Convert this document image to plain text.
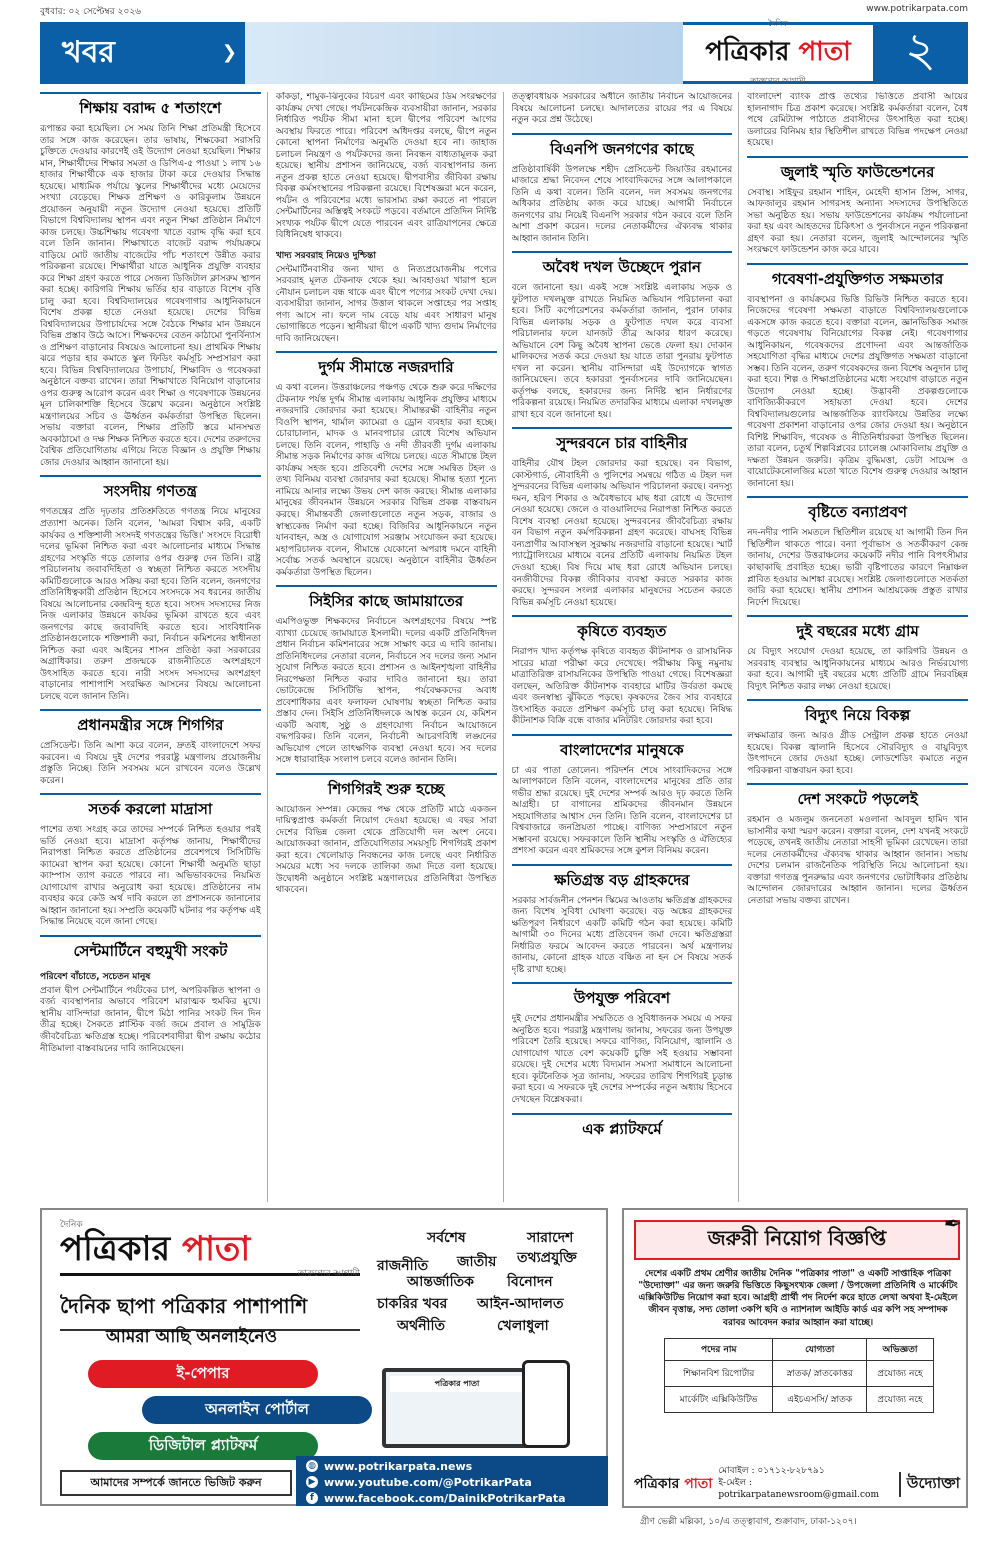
বুধবার: ০২ সেপ্টেম্বর ২০২৬	www.potrikarpata.com
খবর	❯
দৈনিক
পত্রিকার পাতা
তারুণ্যের আগামী
২
শিক্ষায় বরাদ্দ ৫ শতাংশে

রূপান্তর করা হয়েছিল। সে সময় তিনি শিক্ষা প্রতিমন্ত্রী হিসেবে তার সঙ্গে কাজ করেছেন। তার ভাষায়, শিক্ষকেরা সরাসরি চুক্তিতে দেওয়ার কারণেই ওই উদ্যোগ নেওয়া হয়েছিল। শিক্ষার মান, শিক্ষার্থীদের শিক্ষার সমতা ও ডিপিএ-৫ পাওয়া ১ লাখ ১৬ হাজার শিক্ষার্থীকে এক হাজার টাকা করে দেওয়ার সিদ্ধান্ত হয়েছে। মাধ্যমিক পর্যায়ে স্কুলের শিক্ষার্থীদের মধ্যে মেয়েদের সংখ্যা বেড়েছে। শিক্ষক প্রশিক্ষণ ও কারিকুলাম উন্নয়নে প্রয়োজন অনুযায়ী নতুন উদ্যোগ নেওয়া হয়েছে। প্রতিটি বিভাগে বিশ্ববিদ্যালয় স্থাপন এবং নতুন শিক্ষা প্রতিষ্ঠান নির্মাণে কাজ চলছে। উচ্চশিক্ষায় গবেষণা খাতে বরাদ্দ বৃদ্ধি করা হবে বলে তিনি জানান। শিক্ষাখাতে বাজেট বরাদ্দ পর্যায়ক্রমে বাড়িয়ে মোট জাতীয় বাজেটের পাঁচ শতাংশে উন্নীত করার পরিকল্পনা রয়েছে। শিক্ষার্থীরা যাতে আধুনিক প্রযুক্তি ব্যবহার করে শিক্ষা গ্রহণ করতে পারে সেজন্য ডিজিটাল ক্লাসরুম স্থাপন করা হচ্ছে। কারিগরি শিক্ষায় ভর্তির হার বাড়াতে বিশেষ বৃত্তি চালু করা হবে। বিশ্ববিদ্যালয়ের গবেষণাগার আধুনিকায়নে বিশেষ প্রকল্প হাতে নেওয়া হয়েছে। দেশের বিভিন্ন বিশ্ববিদ্যালয়ের উপাচার্যদের সঙ্গে বৈঠকে শিক্ষার মান উন্নয়নে বিভিন্ন প্রস্তাব উঠে আসে। শিক্ষকদের বেতন কাঠামো পুনর্বিন্যাস ও প্রশিক্ষণ বাড়ানোর বিষয়েও আলোচনা হয়। প্রাথমিক শিক্ষায় ঝরে পড়ার হার কমাতে স্কুল ফিডিং কর্মসূচি সম্প্রসারণ করা হবে। বিভিন্ন বিশ্ববিদ্যালয়ের উপাচার্য, শিক্ষাবিদ ও গবেষকরা অনুষ্ঠানে বক্তব্য রাখেন। তারা শিক্ষাখাতে বিনিয়োগ বাড়ানোর ওপর গুরুত্ব আরোপ করেন এবং শিক্ষা ও গবেষণাকে উন্নয়নের মূল চালিকাশক্তি হিসেবে উল্লেখ করেন। অনুষ্ঠানে সংশ্লিষ্ট মন্ত্রণালয়ের সচিব ও ঊর্ধ্বতন কর্মকর্তারা উপস্থিত ছিলেন। সভায় বক্তারা বলেন, শিক্ষার প্রতিটি স্তরে মানসম্মত অবকাঠামো ও দক্ষ শিক্ষক নিশ্চিত করতে হবে। দেশের তরুণদের বৈশ্বিক প্রতিযোগিতায় এগিয়ে নিতে বিজ্ঞান ও প্রযুক্তি শিক্ষায় জোর দেওয়ার আহ্বান জানানো হয়।

সংসদীয় গণতন্ত্র

গণতন্ত্রের প্রতি দৃঢ়তার প্রতিশ্রুতিতে গণতন্ত্র নিয়ে মানুষের প্রত্যাশা অনেক। তিনি বলেন, 'আমরা বিশ্বাস করি, একটি কার্যকর ও শক্তিশালী সংসদই গণতন্ত্রের ভিত্তি।' সংসদে বিরোধী দলের ভূমিকা নিশ্চিত করা এবং আলোচনার মাধ্যমে সিদ্ধান্ত গ্রহণের সংস্কৃতি গড়ে তোলার ওপর গুরুত্ব দেন তিনি। রাষ্ট্র পরিচালনায় জবাবদিহিতা ও স্বচ্ছতা নিশ্চিত করতে সংসদীয় কমিটিগুলোকে আরও সক্রিয় করা হবে। তিনি বলেন, জনগণের প্রতিনিধিত্বকারী প্রতিষ্ঠান হিসেবে সংসদকে সব ধরনের জাতীয় বিষয়ে আলোচনার কেন্দ্রবিন্দু হতে হবে। সংসদ সদস্যদের নিজ নিজ এলাকার উন্নয়নে কার্যকর ভূমিকা রাখতে হবে এবং জনগণের কাছে জবাবদিহি করতে হবে। সাংবিধানিক প্রতিষ্ঠানগুলোকে শক্তিশালী করা, নির্বাচন কমিশনের স্বাধীনতা নিশ্চিত করা এবং আইনের শাসন প্রতিষ্ঠা করা সরকারের অগ্রাধিকার। তরুণ প্রজন্মকে রাজনীতিতে অংশগ্রহণে উৎসাহিত করতে হবে। নারী সংসদ সদস্যদের অংশগ্রহণ বাড়ানোর পাশাপাশি সংরক্ষিত আসনের বিষয়ে আলোচনা চলছে বলে জানান তিনি।

প্রধানমন্ত্রীর সঙ্গে শিগগির

প্রেসিডেন্ট। তিনি আশা করে বলেন, দ্রুতই বাংলাদেশে সফর করবেন। এ বিষয়ে দুই দেশের পররাষ্ট্র মন্ত্রণালয় প্রয়োজনীয় প্রস্তুতি নিচ্ছে। তিনি সবসময় মনে রাখবেন বলেও উল্লেখ করেন।

সতর্ক করলো মাদ্রাসা

পাশের তথ্য সংগ্রহ করে তাদের সম্পর্কে নিশ্চিত হওয়ার পরই ভর্তি নেওয়া হবে। মাদ্রাসা কর্তৃপক্ষ জানায়, শিক্ষার্থীদের নিরাপত্তা নিশ্চিত করতে প্রতিষ্ঠানের প্রবেশপথে সিসিটিভি ক্যামেরা স্থাপন করা হয়েছে। কোনো শিক্ষার্থী অনুমতি ছাড়া ক্যাম্পাস ত্যাগ করতে পারবে না। অভিভাবকদের নিয়মিত যোগাযোগ রাখার অনুরোধ করা হয়েছে। প্রতিষ্ঠানের নাম ব্যবহার করে কেউ অর্থ দাবি করলে তা প্রশাসনকে জানানোর আহ্বান জানানো হয়। সম্প্রতি কয়েকটি ঘটনার পর কর্তৃপক্ষ এই সিদ্ধান্ত নিয়েছে বলে জানা গেছে।

সেন্টমার্টিনে বহুমুখী সংকট
পরিবেশ বাঁচাতে, সচেতন মানুষ

প্রবাল দ্বীপ সেন্টমার্টিনে পর্যটকের চাপ, অপরিকল্পিত স্থাপনা ও বর্জ্য ব্যবস্থাপনার অভাবে পরিবেশ মারাত্মক হুমকির মুখে। স্থানীয় বাসিন্দারা জানান, দ্বীপে মিঠা পানির সংকট দিন দিন তীব্র হচ্ছে। সৈকতে প্লাস্টিক বর্জ্য জমে প্রবাল ও সামুদ্রিক জীববৈচিত্র্য ক্ষতিগ্রস্ত হচ্ছে। পরিবেশবাদীরা দ্বীপ রক্ষায় কঠোর নীতিমালা বাস্তবায়নের দাবি জানিয়েছেন।

কাঁকড়া, শামুক-ঝিনুকের বিচরণ এবং কাছিমের ডিম সংরক্ষণের কার্যক্রম দেখা গেছে। পর্যটনকেন্দ্রিক ব্যবসায়ীরা জানান, সরকার নির্ধারিত পর্যটক সীমা মানা হলে দ্বীপের পরিবেশ আগের অবস্থায় ফিরতে পারে। পরিবেশ অধিদপ্তর বলছে, দ্বীপে নতুন কোনো স্থাপনা নির্মাণের অনুমতি দেওয়া হবে না। জাহাজ চলাচল নিয়ন্ত্রণ ও পর্যটকদের জন্য নিবন্ধন বাধ্যতামূলক করা হয়েছে। স্থানীয় প্রশাসন জানিয়েছে, বর্জ্য ব্যবস্থাপনার জন্য নতুন প্রকল্প হাতে নেওয়া হয়েছে। দ্বীপবাসীর জীবিকা রক্ষায় বিকল্প কর্মসংস্থানের পরিকল্পনা রয়েছে। বিশেষজ্ঞরা মনে করেন, পর্যটন ও পরিবেশের মধ্যে ভারসাম্য রক্ষা করতে না পারলে সেন্টমার্টিনের অস্তিত্বই সংকটে পড়বে। বর্তমানে প্রতিদিন নির্দিষ্ট সংখ্যক পর্যটক দ্বীপে যেতে পারবেন এবং রাত্রিযাপনের ক্ষেত্রে বিধিনিষেধ থাকবে।

খাদ্য সরবরাহ নিয়েও দুশ্চিন্তা

সেন্টমার্টিনবাসীর জন্য খাদ্য ও নিত্যপ্রয়োজনীয় পণ্যের সরবরাহ মূলত টেকনাফ থেকে হয়। আবহাওয়া খারাপ হলে নৌযান চলাচল বন্ধ থাকে এবং দ্বীপে পণ্যের সংকট দেখা দেয়। ব্যবসায়ীরা জানান, সাগর উত্তাল থাকলে সপ্তাহের পর সপ্তাহ পণ্য আসে না। ফলে দাম বেড়ে যায় এবং সাধারণ মানুষ ভোগান্তিতে পড়েন। স্থানীয়রা দ্বীপে একটি খাদ্য গুদাম নির্মাণের দাবি জানিয়েছেন।

দুর্গম সীমান্তে নজরদারি

এ কথা বলেন। উত্তরাঞ্চলের পঞ্চগড় থেকে শুরু করে দক্ষিণের টেকনাফ পর্যন্ত দুর্গম সীমান্ত এলাকায় আধুনিক প্রযুক্তির মাধ্যমে নজরদারি জোরদার করা হয়েছে। সীমান্তরক্ষী বাহিনীর নতুন বিওপি স্থাপন, থার্মাল ক্যামেরা ও ড্রোন ব্যবহার করা হচ্ছে। চোরাচালান, মাদক ও মানবপাচার রোধে বিশেষ অভিযান চলছে। তিনি বলেন, পাহাড়ি ও নদী তীরবর্তী দুর্গম এলাকায় সীমান্ত সড়ক নির্মাণের কাজ এগিয়ে চলছে। এতে সীমান্তে টহল কার্যক্রম সহজ হবে। প্রতিবেশী দেশের সঙ্গে সমন্বিত টহল ও তথ্য বিনিময় ব্যবস্থা জোরদার করা হয়েছে। সীমান্ত হত্যা শূন্যে নামিয়ে আনার লক্ষ্যে উভয় দেশ কাজ করছে। সীমান্ত এলাকার মানুষের জীবনমান উন্নয়নে সরকার বিভিন্ন প্রকল্প বাস্তবায়ন করছে। সীমান্তবর্তী জেলাগুলোতে নতুন সড়ক, বাজার ও স্বাস্থ্যকেন্দ্র নির্মাণ করা হচ্ছে। বিজিবির আধুনিকায়নে নতুন যানবাহন, অস্ত্র ও যোগাযোগ সরঞ্জাম সংযোজন করা হয়েছে। মহাপরিচালক বলেন, সীমান্তে যেকোনো অপরাধ দমনে বাহিনী সর্বোচ্চ সতর্ক অবস্থানে রয়েছে। অনুষ্ঠানে বাহিনীর ঊর্ধ্বতন কর্মকর্তারা উপস্থিত ছিলেন।

সিইসির কাছে জামায়াতের

এমপিওভুক্ত শিক্ষকদের নির্বাচনে অংশগ্রহণের বিষয়ে স্পষ্ট ব্যাখ্যা চেয়েছে জামায়াতে ইসলামী। দলের একটি প্রতিনিধিদল প্রধান নির্বাচন কমিশনারের সঙ্গে সাক্ষাৎ করে এ দাবি জানায়। প্রতিনিধিদলের নেতারা বলেন, নির্বাচনে সব দলের জন্য সমান সুযোগ নিশ্চিত করতে হবে। প্রশাসন ও আইনশৃঙ্খলা বাহিনীর নিরপেক্ষতা নিশ্চিত করার দাবিও জানানো হয়। তারা ভোটকেন্দ্রে সিসিটিভি স্থাপন, পর্যবেক্ষকদের অবাধ প্রবেশাধিকার এবং ফলাফল ঘোষণায় স্বচ্ছতা নিশ্চিত করার প্রস্তাব দেন। সিইসি প্রতিনিধিদলকে আশ্বস্ত করেন যে, কমিশন একটি অবাধ, সুষ্ঠু ও গ্রহণযোগ্য নির্বাচন আয়োজনে বদ্ধপরিকর। তিনি বলেন, নির্বাচনী আচরণবিধি লঙ্ঘনের অভিযোগ পেলে তাৎক্ষণিক ব্যবস্থা নেওয়া হবে। সব দলের সঙ্গে ধারাবাহিক সংলাপ চলবে বলেও জানান তিনি।

শিগগিরই শুরু হচ্ছে

আয়োজন সম্পন্ন। কেন্দ্রের পক্ষ থেকে প্রতিটি মাঠে একজন দায়িত্বপ্রাপ্ত কর্মকর্তা নিয়োগ দেওয়া হয়েছে। এ বছর সারা দেশের বিভিন্ন জেলা থেকে প্রতিযোগী দল অংশ নেবে। আয়োজকরা জানান, প্রতিযোগিতার সময়সূচি শিগগিরই প্রকাশ করা হবে। খেলোয়াড় নিবন্ধনের কাজ চলছে এবং নির্ধারিত সময়ের মধ্যে সব দলকে তালিকা জমা দিতে বলা হয়েছে। উদ্বোধনী অনুষ্ঠানে সংশ্লিষ্ট মন্ত্রণালয়ের প্রতিনিধিরা উপস্থিত থাকবেন।

তত্ত্বাবধায়ক সরকারের অধীনে জাতীয় নির্বাচন আয়োজনের বিষয়ে আলোচনা চলছে। আদালতের রায়ের পর এ বিষয়ে নতুন করে প্রশ্ন উঠেছে।

বিএনপি জনগণের কাছে

প্রতিষ্ঠাবার্ষিকী উপলক্ষে শহীদ প্রেসিডেন্ট জিয়াউর রহমানের মাজারে শ্রদ্ধা নিবেদন শেষে সাংবাদিকদের সঙ্গে আলাপকালে তিনি এ কথা বলেন। তিনি বলেন, দল সবসময় জনগণের অধিকার প্রতিষ্ঠায় কাজ করে যাচ্ছে। আগামী নির্বাচনে জনগণের রায় নিয়েই বিএনপি সরকার গঠন করবে বলে তিনি আশা প্রকাশ করেন। দলের নেতাকর্মীদের ঐক্যবদ্ধ থাকার আহ্বান জানান তিনি।

অবৈধ দখল উচ্ছেদে পুরান

বলে জানানো হয়। একই সঙ্গে সংশ্লিষ্ট এলাকায় সড়ক ও ফুটপাত দখলমুক্ত রাখতে নিয়মিত অভিযান পরিচালনা করা হবে। সিটি কর্পোরেশনের কর্মকর্তারা জানান, পুরান ঢাকার বিভিন্ন এলাকায় সড়ক ও ফুটপাত দখল করে ব্যবসা পরিচালনার ফলে যানজট তীব্র আকার ধারণ করেছে। অভিযানে বেশ কিছু অবৈধ স্থাপনা ভেঙে ফেলা হয়। দোকান মালিকদের সতর্ক করে দেওয়া হয় যাতে তারা পুনরায় ফুটপাত দখল না করেন। স্থানীয় বাসিন্দারা এই উদ্যোগকে স্বাগত জানিয়েছেন। তবে হকাররা পুনর্বাসনের দাবি জানিয়েছেন। কর্তৃপক্ষ বলছে, হকারদের জন্য নির্দিষ্ট স্থান নির্ধারণের পরিকল্পনা রয়েছে। নিয়মিত তদারকির মাধ্যমে এলাকা দখলমুক্ত রাখা হবে বলে জানানো হয়।

সুন্দরবনে চার বাহিনীর

বাহিনীর যৌথ টহল জোরদার করা হয়েছে। বন বিভাগ, কোস্টগার্ড, নৌবাহিনী ও পুলিশের সমন্বয়ে গঠিত এ টহল দল সুন্দরবনের বিভিন্ন এলাকায় অভিযান পরিচালনা করছে। বনদস্যু দমন, হরিণ শিকার ও অবৈধভাবে মাছ ধরা রোধে এ উদ্যোগ নেওয়া হয়েছে। জেলে ও বাওয়ালিদের নিরাপত্তা নিশ্চিত করতে বিশেষ ব্যবস্থা নেওয়া হয়েছে। সুন্দরবনের জীববৈচিত্র্য রক্ষায় বন বিভাগ নতুন কর্মপরিকল্পনা গ্রহণ করেছে। বাঘসহ বিভিন্ন বন্যপ্রাণীর আবাসস্থল সুরক্ষায় নজরদারি বাড়ানো হয়েছে। স্মার্ট প্যাট্রোলিংয়ের মাধ্যমে বনের প্রতিটি এলাকায় নিয়মিত টহল দেওয়া হচ্ছে। বিষ দিয়ে মাছ ধরা রোধে অভিযান চলছে। বনজীবীদের বিকল্প জীবিকার ব্যবস্থা করতে সরকার কাজ করছে। সুন্দরবন সংলগ্ন এলাকার মানুষদের সচেতন করতে বিভিন্ন কর্মসূচি নেওয়া হয়েছে।

কৃষিতে ব্যবহৃত

নিরাপদ খাদ্য কর্তৃপক্ষ কৃষিতে ব্যবহৃত কীটনাশক ও রাসায়নিক সারের মাত্রা পরীক্ষা করে দেখেছে। পরীক্ষায় কিছু নমুনায় মাত্রাতিরিক্ত রাসায়নিকের উপস্থিতি পাওয়া গেছে। বিশেষজ্ঞরা বলছেন, অতিরিক্ত কীটনাশক ব্যবহারে মাটির উর্বরতা কমছে এবং জনস্বাস্থ্য ঝুঁকিতে পড়ছে। কৃষকদের জৈব সার ব্যবহারে উৎসাহিত করতে প্রশিক্ষণ কর্মসূচি চালু করা হয়েছে। নিষিদ্ধ কীটনাশক বিক্রি বন্ধে বাজার মনিটরিং জোরদার করা হবে।

বাংলাদেশের মানুষকে

চা এর পাতা তোলেন। পরিদর্শন শেষে সাংবাদিকদের সঙ্গে আলাপকালে তিনি বলেন, বাংলাদেশের মানুষের প্রতি তার গভীর শ্রদ্ধা রয়েছে। দুই দেশের সম্পর্ক আরও দৃঢ় করতে তিনি আগ্রহী। চা বাগানের শ্রমিকদের জীবনমান উন্নয়নে সহযোগিতার আশ্বাস দেন তিনি। তিনি বলেন, বাংলাদেশের চা বিশ্ববাজারে জনপ্রিয়তা পাচ্ছে। বাণিজ্য সম্প্রসারণে নতুন সম্ভাবনা রয়েছে। সফরকালে তিনি স্থানীয় সংস্কৃতি ও ঐতিহ্যের প্রশংসা করেন এবং শ্রমিকদের সঙ্গে কুশল বিনিময় করেন।

ক্ষতিগ্রস্ত বড় গ্রাহকদের

সরকার সার্বজনীন পেনশন স্কিমের আওতায় ক্ষতিগ্রস্ত গ্রাহকদের জন্য বিশেষ সুবিধা ঘোষণা করেছে। বড় অঙ্কের গ্রাহকদের ক্ষতিপূরণ নির্ধারণে একটি কমিটি গঠন করা হয়েছে। কমিটি আগামী ৩০ দিনের মধ্যে প্রতিবেদন জমা দেবে। ক্ষতিগ্রস্তরা নির্ধারিত ফরমে আবেদন করতে পারবেন। অর্থ মন্ত্রণালয় জানায়, কোনো গ্রাহক যাতে বঞ্চিত না হন সে বিষয়ে সতর্ক দৃষ্টি রাখা হচ্ছে।

উপযুক্ত পরিবেশ

দুই দেশের প্রধানমন্ত্রীর সম্মতিতে ও সুবিধাজনক সময়ে এ সফর অনুষ্ঠিত হবে। পররাষ্ট্র মন্ত্রণালয় জানায়, সফরের জন্য উপযুক্ত পরিবেশ তৈরি হয়েছে। সফরে বাণিজ্য, বিনিয়োগ, জ্বালানি ও যোগাযোগ খাতে বেশ কয়েকটি চুক্তি সই হওয়ার সম্ভাবনা রয়েছে। দুই দেশের মধ্যে বিদ্যমান সমস্যা সমাধানে আলোচনা হবে। কূটনৈতিক সূত্র জানায়, সফরের তারিখ শিগগিরই চূড়ান্ত করা হবে। এ সফরকে দুই দেশের সম্পর্কের নতুন অধ্যায় হিসেবে দেখছেন বিশ্লেষকরা।

এক প্ল্যাটফর্মে

বাংলাদেশ ব্যাংক প্রাপ্ত তথ্যের ভিত্তিতে প্রবাসী আয়ের হালনাগাদ চিত্র প্রকাশ করেছে। সংশ্লিষ্ট কর্মকর্তারা বলেন, বৈধ পথে রেমিট্যান্স পাঠাতে প্রবাসীদের উৎসাহিত করা হচ্ছে। ডলারের বিনিময় হার স্থিতিশীল রাখতে বিভিন্ন পদক্ষেপ নেওয়া হয়েছে।

জুলাই স্মৃতি ফাউন্ডেশনের

সেবাস্থ। সাইফুর রহমান শাহিন, মেহেদী হাসান প্রিন্স, সাগর, আফজালুর রহমান সাগরসহ অন্যান্য সদস্যদের উপস্থিতিতে সভা অনুষ্ঠিত হয়। সভায় ফাউন্ডেশনের কার্যক্রম পর্যালোচনা করা হয় এবং আহতদের চিকিৎসা ও পুনর্বাসনে নতুন পরিকল্পনা গ্রহণ করা হয়। নেতারা বলেন, জুলাই আন্দোলনের স্মৃতি সংরক্ষণে ফাউন্ডেশন কাজ করে যাবে।

গবেষণা-প্রযুক্তিগত সক্ষমতার

ব্যবস্থাপনা ও কার্যক্রমের ভিত্তি রিভিউ নিশ্চিত করতে হবে। নিজেদের গবেষণা সক্ষমতা বাড়াতে বিশ্ববিদ্যালয়গুলোকে একসঙ্গে কাজ করতে হবে। বক্তারা বলেন, জ্ঞানভিত্তিক সমাজ গড়তে গবেষণায় বিনিয়োগের বিকল্প নেই। গবেষণাগার আধুনিকায়ন, গবেষকদের প্রণোদনা এবং আন্তর্জাতিক সহযোগিতা বৃদ্ধির মাধ্যমে দেশের প্রযুক্তিগত সক্ষমতা বাড়ানো সম্ভব। তিনি বলেন, তরুণ গবেষকদের জন্য বিশেষ অনুদান চালু করা হবে। শিল্প ও শিক্ষাপ্রতিষ্ঠানের মধ্যে সংযোগ বাড়াতে নতুন উদ্যোগ নেওয়া হচ্ছে। উদ্ভাবনী প্রকল্পগুলোকে বাণিজ্যিকীকরণে সহায়তা দেওয়া হবে। দেশের বিশ্ববিদ্যালয়গুলোর আন্তর্জাতিক র‍্যাংকিংয়ে উন্নতির লক্ষ্যে গবেষণা প্রকাশনা বাড়ানোর ওপর জোর দেওয়া হয়। অনুষ্ঠানে বিশিষ্ট শিক্ষাবিদ, গবেষক ও নীতিনির্ধারকরা উপস্থিত ছিলেন। তারা বলেন, চতুর্থ শিল্পবিপ্লবের চ্যালেঞ্জ মোকাবিলায় প্রযুক্তি ও দক্ষতা উন্নয়ন জরুরি। কৃত্রিম বুদ্ধিমত্তা, ডেটা সায়েন্স ও বায়োটেকনোলজির মতো খাতে বিশেষ গুরুত্ব দেওয়ার আহ্বান জানানো হয়।

বৃষ্টিতে বন্যাপ্রবণ

নদ-নদীর পানি সমতলে স্থিতিশীল রয়েছে যা আগামী তিন দিন স্থিতিশীল থাকতে পারে। বন্যা পূর্বাভাস ও সতর্কীকরণ কেন্দ্র জানায়, দেশের উত্তরাঞ্চলের কয়েকটি নদীর পানি বিপৎসীমার কাছাকাছি প্রবাহিত হচ্ছে। ভারী বৃষ্টিপাতের কারণে নিম্নাঞ্চল প্লাবিত হওয়ার আশঙ্কা রয়েছে। সংশ্লিষ্ট জেলাগুলোতে সতর্কতা জারি করা হয়েছে। স্থানীয় প্রশাসন আশ্রয়কেন্দ্র প্রস্তুত রাখার নির্দেশ দিয়েছে।

দুই বছরের মধ্যে গ্রাম

যে বিদ্যুৎ সংযোগ দেওয়া হয়েছে, তা কারিগরি উন্নয়ন ও সরবরাহ ব্যবস্থার আধুনিকায়নের মাধ্যমে আরও নির্ভরযোগ্য করা হবে। আগামী দুই বছরের মধ্যে প্রতিটি গ্রামে নিরবচ্ছিন্ন বিদ্যুৎ নিশ্চিত করার লক্ষ্য নেওয়া হয়েছে।

বিদ্যুৎ নিয়ে বিকল্প

লক্ষমাত্রার জন্য আরও গ্রীড সেন্ট্রাল প্রকল্প হাতে নেওয়া হয়েছে। বিকল্প জ্বালানি হিসেবে সৌরবিদ্যুৎ ও বায়ুবিদ্যুৎ উৎপাদনে জোর দেওয়া হচ্ছে। লোডশেডিং কমাতে নতুন পরিকল্পনা বাস্তবায়ন করা হবে।

দেশ সংকটে পড়লেই

রহমান ও মজলুম জননেতা মওলানা আবদুল হামিদ খান ভাসানীর কথা স্মরণ করেন। বক্তারা বলেন, দেশ যখনই সংকটে পড়েছে, তখনই জাতীয় নেতারা সাহসী ভূমিকা রেখেছেন। তারা দলের নেতাকর্মীদের ঐক্যবদ্ধ থাকার আহ্বান জানান। সভায় দেশের চলমান রাজনৈতিক পরিস্থিতি নিয়ে আলোচনা হয়। বক্তারা গণতন্ত্র পুনরুদ্ধার এবং জনগণের ভোটাধিকার প্রতিষ্ঠায় আন্দোলন জোরদারের আহ্বান জানান। দলের ঊর্ধ্বতন নেতারা সভায় বক্তব্য রাখেন।

দৈনিক
পত্রিকার পাতা
তারুণ্যের আগামী
দৈনিক ছাপা পত্রিকার পাশাপাশি
আমরা আছি অনলাইনেও
ই-পেপার
অনলাইন পোর্টাল
ডিজিটাল প্ল্যাটফর্ম
সর্বশেষ	সারাদেশ
রাজনীতি জাতীয় তথ্যপ্রযুক্তি
আন্তর্জাতিক বিনোদন
চাকরির খবর আইন-আদালত
অর্থনীতি	খেলাধুলা
পত্রিকার পাতা
আমাদের সম্পর্কে জানতে ভিজিট করুন
◍ www.potrikarpata.news
▶ www.youtube.com/@PotrikarPata
f www.facebook.com/DainikPotrikarPata
জরুরী নিয়োগ বিজ্ঞপ্তি
✒
দেশের একটি প্রথম শ্রেণীর জাতীয় দৈনিক "পত্রিকার পাতা" ও একটি সাপ্তাহিক পত্রিকা "উদ্যোক্তা" এর জন্য জরুরি ভিত্তিতে কিছুসংখ্যক জেলা / উপজেলা প্রতিনিধি ও মার্কেটিং এক্সিকিউটিভ নিয়োগ করা হবে। আগ্রহী প্রার্থী পদ নির্দেশ করে হাতে লেখা অথবা ই-মেইলে জীবন বৃত্তান্ত, সদ্য তোলা ৩কপি ছবি ও ন্যাশনাল আইডি কার্ড এর কপি সহ সম্পাদক বরাবর আবেদন করার আহ্বান করা যাচ্ছে।
পদের নাম	যোগ্যতা	অভিজ্ঞতা
শিক্ষানবিশ রিপোর্টার	স্নাতক/ স্নাতকোত্তর	প্রযোজ্য নহে
মার্কেটিং এক্সিকিউটিভ	এইচএসসি/ স্নাতক	প্রযোজ্য নহে
পত্রিকার পাতা
মোবাইল : ০১৭১২-৮২৮৭৯১
ই-মেইল : potrikarpatanewsroom@gmail.com
উদ্যোক্তা
গ্রীণ ভেল্লী মল্লিকা, ১০/এ তত্ত্বাবাগ, শুক্রাবাদ, ঢাকা-১২০৭।
